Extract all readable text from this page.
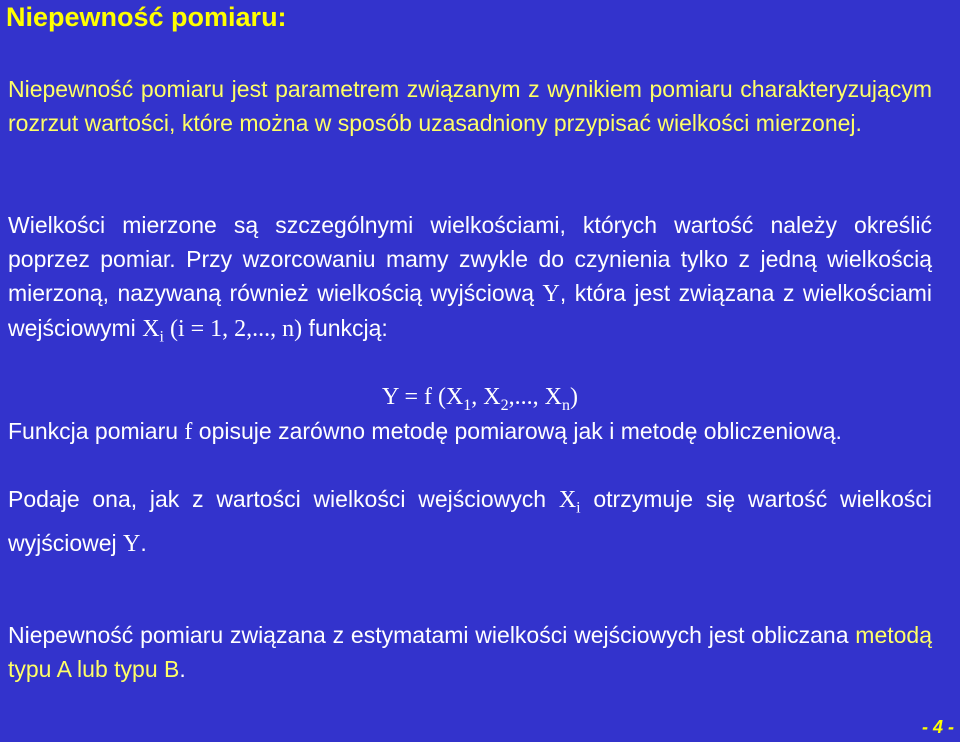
Niepewność pomiaru:

Niepewność pomiaru jest parametrem związanym z wynikiem pomiaru charakteryzującym rozrzut wartości, które można w sposób uzasadniony przypisać wielkości mierzonej.

Wielkości mierzone są szczególnymi wielkościami, których wartość należy określić poprzez pomiar. Przy wzorcowaniu mamy zwykle do czynienia tylko z jedną wielkością mierzoną, nazywaną również wielkością wyjściową Y, która jest związana z wielkościami wejściowymi $X_i$ (i = 1, 2,..., n) funkcją:

Y = f ($X_1$, $X_2$,..., $X_n$)

Funkcja pomiaru f opisuje zarówno metodę pomiarową jak i metodę obliczeniową.

Podaje ona, jak z wartości wielkości wejściowych $X_i$ otrzymuje się wartość wielkości wyjściowej Y.

Niepewność pomiaru związana z estymatami wielkości wejściowych jest obliczana metodą typu A lub typu B.

- 4 -
